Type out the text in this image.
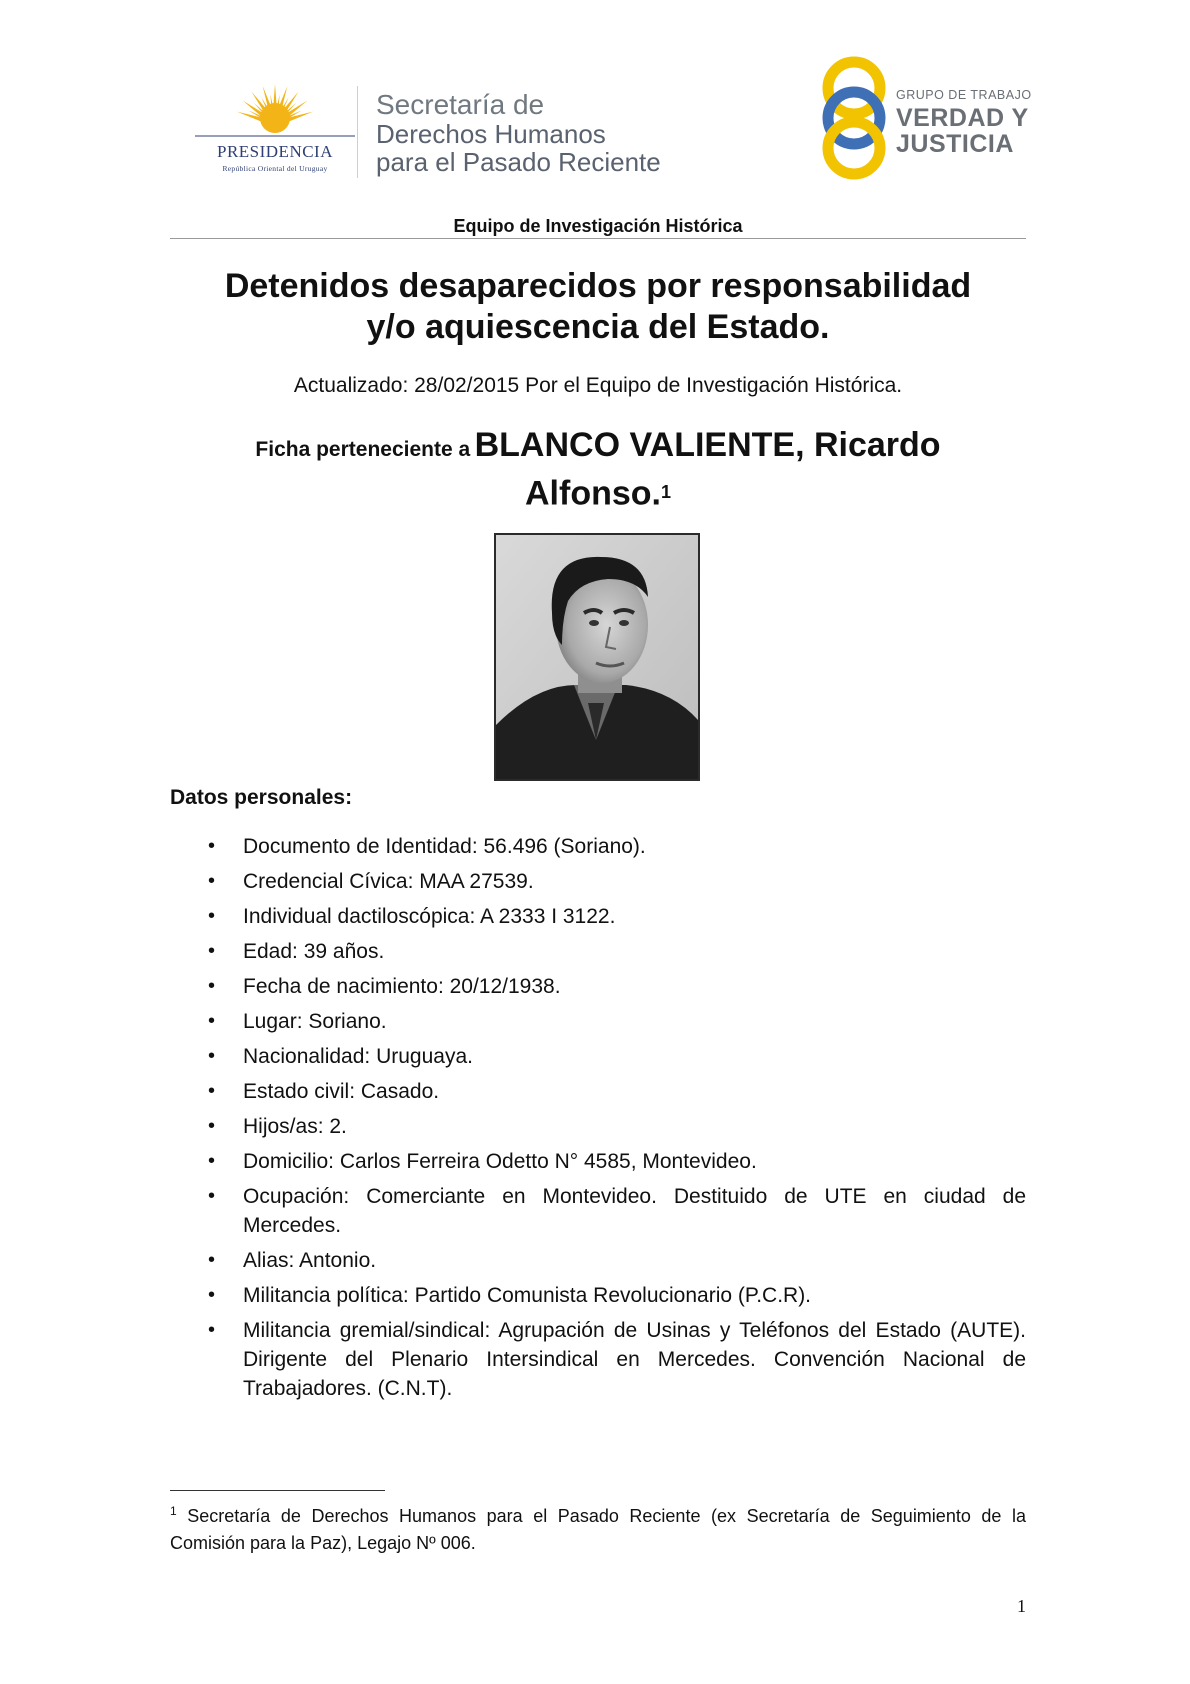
PRESIDENCIA
República Oriental del Uruguay
Secretaría de
Derechos Humanos
para el Pasado Reciente
GRUPO DE TRABAJO
VERDAD Y
JUSTICIA
Equipo de Investigación Histórica
Detenidos desaparecidos por responsabilidad
y/o aquiescencia del Estado.
Actualizado: 28/02/2015 Por el Equipo de Investigación Histórica.
Ficha perteneciente a BLANCO VALIENTE, Ricardo
Alfonso.$^1$
Datos personales:
• Documento de Identidad: 56.496 (Soriano).
• Credencial Cívica: MAA 27539.
• Individual dactiloscópica: A 2333 I 3122.
• Edad: 39 años.
• Fecha de nacimiento: 20/12/1938.
• Lugar: Soriano.
• Nacionalidad: Uruguaya.
• Estado civil: Casado.
• Hijos/as: 2.
• Domicilio: Carlos Ferreira Odetto N° 4585, Montevideo.
• Ocupación: Comerciante en Montevideo. Destituido de UTE en ciudad de Mercedes.
• Alias: Antonio.
• Militancia política: Partido Comunista Revolucionario (P.C.R).
• Militancia gremial/sindical: Agrupación de Usinas y Teléfonos del Estado (AUTE). Dirigente del Plenario Intersindical en Mercedes. Convención Nacional de Trabajadores. (C.N.T).
$^1$ Secretaría de Derechos Humanos para el Pasado Reciente (ex Secretaría de Seguimiento de la Comisión para la Paz), Legajo Nº 006.
1
